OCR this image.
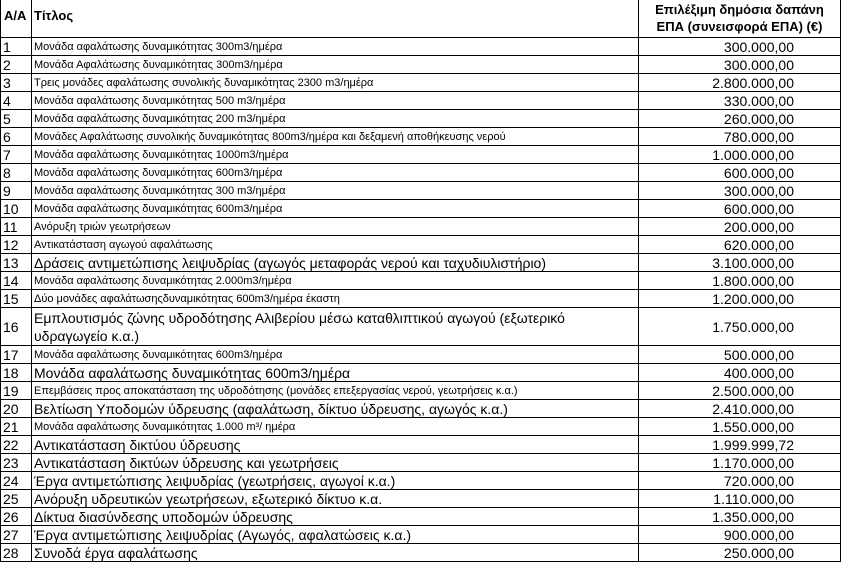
Α/Α	Τίτλος	Επιλέξιμη δημόσια δαπάνη ΕΠΑ (συνεισφορά ΕΠΑ) (€)
1	Μονάδα αφαλάτωσης δυναμικότητας 300m3/ημέρα	300.000,00
2	Μονάδα Αφαλάτωσης δυναμικότητας 300m3/ημέρα	300.000,00
3	Τρεις μονάδες αφαλάτωσης συνολικής δυναμικότητας 2300 m3/ημέρα	2.800.000,00
4	Μονάδα αφαλάτωσης δυναμικότητας 500 m3/ημέρα	330.000,00
5	Μονάδα αφαλάτωσης δυναμικότητας 200 m3/ημέρα	260.000,00
6	Μονάδες Αφαλάτωσης συνολικής δυναμικότητας 800m3/ημέρα και δεξαμενή αποθήκευσης νερού	780.000,00
7	Μονάδα αφαλάτωσης δυναμικότητας 1000m3/ημέρα	1.000.000,00
8	Μονάδα αφαλάτωσης δυναμικότητας 600m3/ημέρα	600.000,00
9	Μονάδα αφαλάτωσης δυναμικότητας 300 m3/ημέρα	300.000,00
10	Μονάδα αφαλάτωσης δυναμικότητας 600m3/ημέρα	600.000,00
11	Ανόρυξη τριών γεωτρήσεων	200.000,00
12	Αντικατάσταση αγωγού αφαλάτωσης	620.000,00
13	Δράσεις αντιμετώπισης λειψυδρίας (αγωγός μεταφοράς νερού και ταχυδιυλιστήριο)	3.100.000,00
14	Μονάδα αφαλάτωσης δυναμικότητας 2.000m3/ημέρα	1.800.000,00
15	Δύο μονάδες αφαλάτωσηςδυναμικότητας 600m3/ημέρα έκαστη	1.200.000,00
16	Εμπλουτισμός ζώνης υδροδότησης Αλιβερίου μέσω καταθλιπτικού αγωγού (εξωτερικό υδραγωγείο κ.α.)	1.750.000,00
17	Μονάδα αφαλάτωσης δυναμικότητας 600m3/ημέρα	500.000,00
18	Μονάδα αφαλάτωσης δυναμικότητας 600m3/ημέρα	400.000,00
19	Επεμβάσεις προς αποκατάσταση της υδροδότησης (μονάδες επεξεργασίας νερού, γεωτρήσεις κ.α.)	2.500.000,00
20	Βελτίωση Υποδομών ύδρευσης (αφαλάτωση, δίκτυο ύδρευσης, αγωγός κ.α.)	2.410.000,00
21	Μονάδα αφαλάτωσης δυναμικότητας 1.000 m³/ ημέρα	1.550.000,00
22	Αντικατάσταση δικτύου ύδρευσης	1.999.999,72
23	Αντικατάσταση δικτύων ύδρευσης και γεωτρήσεις	1.170.000,00
24	Έργα αντιμετώπισης λειψυδρίας (γεωτρήσεις, αγωγοί κ.α.)	720.000,00
25	Ανόρυξη υδρευτικών γεωτρήσεων, εξωτερικό δίκτυο κ.α.	1.110.000,00
26	Δίκτυα διασύνδεσης υποδομών ύδρευσης	1.350.000,00
27	Έργα αντιμετώπισης λειψυδρίας (Αγωγός, αφαλατώσεις κ.α.)	900.000,00
28	Συνοδά έργα αφαλάτωσης	250.000,00
